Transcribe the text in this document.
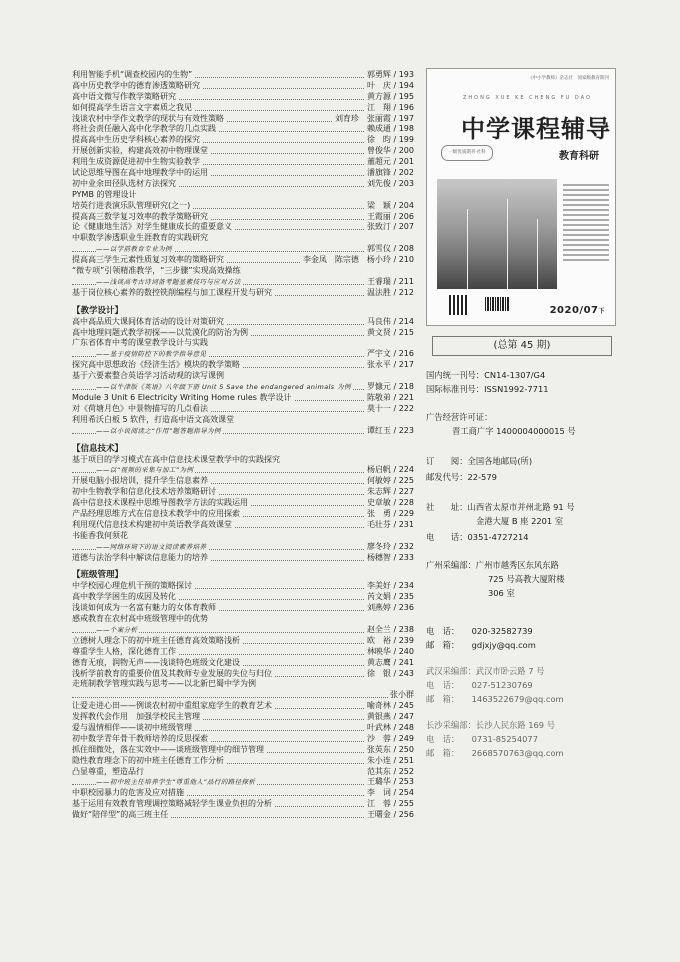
利用智能手机“调查校园内的生物”	郭勇辉 / 193
高中历史教学中的德育渗透策略研究	叶　庆 / 194
高中语文微写作教学策略研究	黄方源 / 195
如何提高学生语言文字素质之我见	江　翔 / 196
浅谈农村中学作文教学的现状与有效性策略	刘育珍　张丽霞 / 197
将社会责任融入高中化学教学的几点实践	赖成通 / 198
提高高中生历史学科核心素养的探究	徐　昀 / 199
开展创新实验，构建高效初中物理课堂	曾俊华 / 200
利用生成资源促进初中生物实验教学	董超元 / 201
试论思维导图在高中地理教学中的运用	潘旗锋 / 202
初中业余田径队选材方法探究	刘先俊 / 203
PYMB 的管理设计
培英行进表演乐队管理研究(之一)	梁　颖 / 204
提高高三数学复习效率的教学策略研究	王霞丽 / 206
论《健康地生活》对学生健康成长的重要意义	张致汀 / 207
中职数学渗透职业生涯教育的实践研究
——以学前教育专业为例	郭雪仪 / 208
提高高三学生元素性质复习效率的策略研究	李金凤　陈宗德　杨小玲 / 210
“微专项”引领精准教学，“三步骤”实现高效操练
——浅谈高考古诗词备考题基素技巧与应对方法	王睿瑞 / 211
基于岗位核心素养的数控铣削编程与加工课程开发与研究	温法胜 / 212
【教学设计】
高中高品质大课间体育活动的设计对策研究	马良伟 / 214
高中地理问题式教学初探——以荒漠化的防治为例	黄文贤 / 215
广东省体育中考的课堂教学设计与实践
——基于疫情防控下的教学指导意见	严宇文 / 216
探究高中思想政治《经济生活》模块的教学策略	张永平 / 217
基于六要素整合英语学习活动观的读写课例
——以牛津版《英语》八年级下册 Unit 5 Save the endangered animals 为例 罗慷元 / 218
Module 3 Unit 6 Electricity Writing Home rules 教学设计	陈敬弟 / 221
对《荷塘月色》中景物描写的几点看法	莫十一 / 222
利用希沃白板 5 软件，打造高中语文高效课堂
——以小说阅读之“作用”题答题指导为例	谭红玉 / 223
【信息技术】
基于项目的学习模式在高中信息技术课堂教学中的实践探究
——以“视频的采集与加工”为例	杨启帆 / 224
开展电脑小报培训，提升学生信息素养	何敏婷 / 225
初中生物教学和信息化技术培养策略研讨	朱志辉 / 227
高中信息技术课程中思维导图教学方法的实践运用	史章敏 / 228
产品经理思维方式在信息技术教学中的应用探索	张　勇 / 229
利用现代信息技术构建初中英语教学高效课堂	毛壮芬 / 231
书能香我何须花
——网络环境下的语文阅读素养培养	廖冬玲 / 232
道德与法治学科中解读信息能力的培养	杨穗智 / 233
【班级管理】
中学校园心理危机干预的策略探讨	李美好 / 234
高中教学学困生的成因及转化	芮文娟 / 235
浅谈如何成为一名富有魅力的女体育教师	刘燕婷 / 236
感戒教育在农村高中班级管理中的优势
——个案分析	赵全兰 / 238
立德树人理念下的初中班主任德育高效策略浅析	欧　裕 / 239
尊重学生人格，深化德育工作	林映华 / 240
德育无痕，润物无声——浅谈特色班级文化建设	黄志鹰 / 241
浅析学前教育的重要价值及其教师专业发展的失位与归位	徐　银 / 243
走班制教学管理实践与思考——以北新巴蜀中学为例
张小群
让爱走进心田——例谈农村初中重组家庭学生的教育艺术	喻奇林 / 245
发挥教代会作用　加强学校民主管理	黄银燕 / 247
爱与温情相伴——谈初中班级管理	叶武林 / 248
初中数学青年骨干教师培养的反思探索	沙　蓉 / 249
抓住细微处，落在实效中——谈班级管理中的细节管理	张英东 / 250
隐性教育理念下的初中班主任德育工作分析	朱小连 / 251
凸显尊重，塑造品行	范其东 / 252
——初中班主任培养学生“尊重他人”品行的路径探析	王璐华 / 253
中职校园暴力的危害及应对措施	李　词 / 254
基于运用有效教育管理调控策略减轻学生课业负担的分析	江　蓉 / 255
做好“陪伴型”的高三班主任	王曙金 / 256
《中小学教师》杂志社　国家级教育期刊
ZHONG XUE KE CHENG FU DAO
中学课程辅导
一级优质期刊·社科	教育科研
2020/07下
(总第 45 期)
国内统一刊号：CN14-1307/G4
国际标准刊号：ISSN1992-7711
广告经营许可证：
晋工商广字 1400004000015 号
订　　 阅：全国各地邮局(所)
邮发代号：22-579
社　　 址：山西省太原市并州北路 91 号
金港大厦 B 座 2201 室
电　　 话：0351-4727214
广州采编部：广州市越秀区东风东路
725 号高教大厦附楼
306 室
电　话：　　 020-32582739
邮　箱：　　 gdjxjy@qq.com
武汉采编部：武汉市卧云路 7 号
电　话：　　 027-51230769
邮　箱：　　 1463522679@qq.com
长沙采编部：长沙人民东路 169 号
电　话：　　 0731-85254077
邮　箱：　　 2668570763@qq.com
